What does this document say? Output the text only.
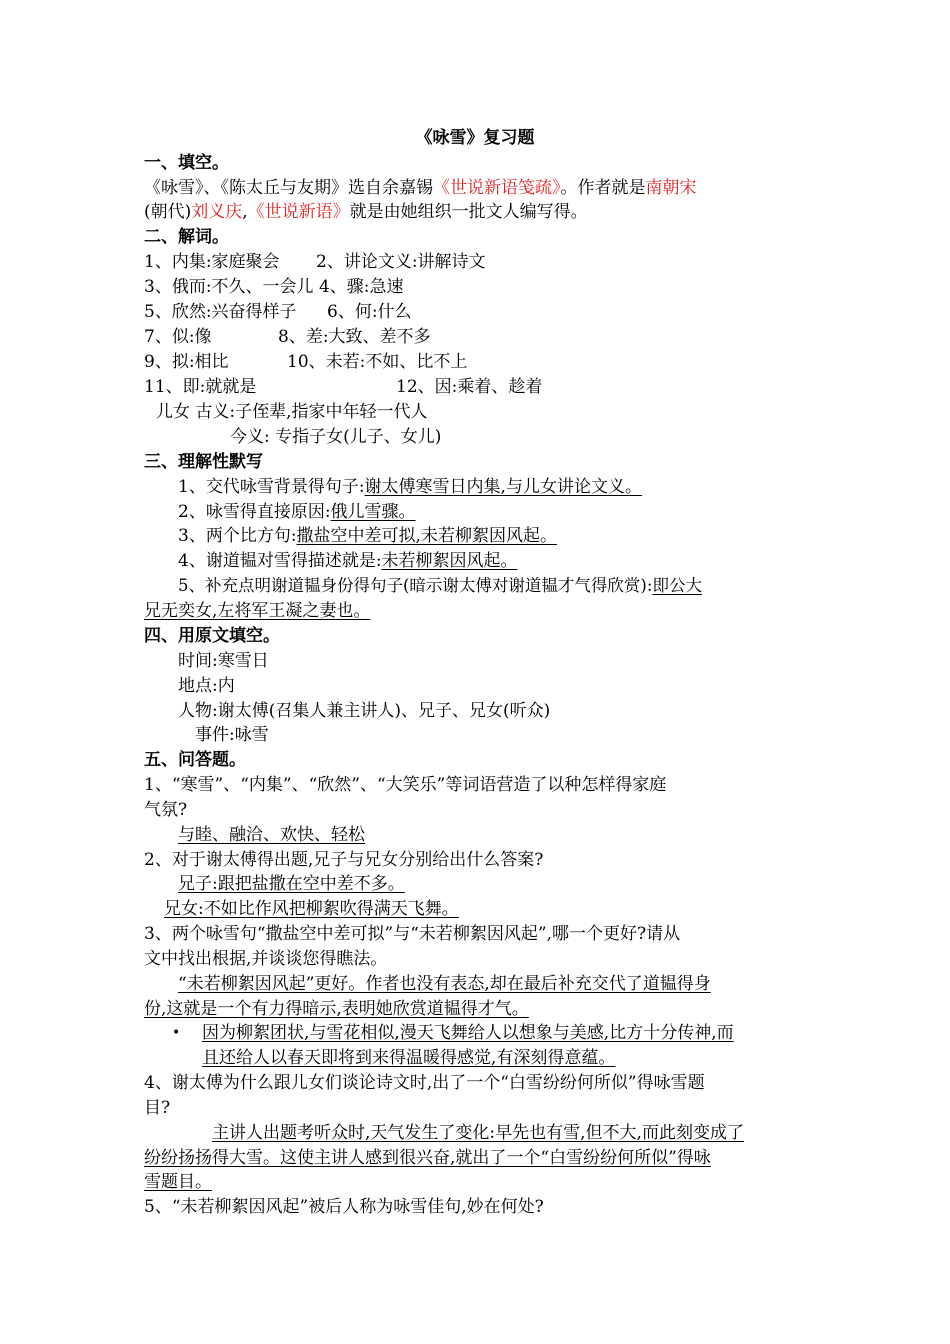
《咏雪》复习题
一、填空。
《咏雪》、《陈太丘与友期》选自余嘉锡《世说新语笺疏》。作者就是南朝宋
(朝代)刘义庆,《世说新语》就是由她组织一批文人编写得。
二、解词。
1、内集:家庭聚会 2、讲论文义:讲解诗文
3、俄而:不久、一会儿 4、骤:急速
5、欣然:兴奋得样子 6、何:什么
7、似:像	8、差:大致、差不多
9、拟:相比	10、未若:不如、比不上
11、即:就就是	12、因:乘着、趁着
儿女 古义:子侄辈,指家中年轻一代人
今义: 专指子女(儿子、女儿)
三、理解性默写
1、交代咏雪背景得句子:谢太傅寒雪日内集,与儿女讲论文义。
2、咏雪得直接原因:俄儿雪骤。
3、两个比方句:撒盐空中差可拟,未若柳絮因风起。
4、谢道韫对雪得描述就是:未若柳絮因风起。
5、补充点明谢道韫身份得句子(暗示谢太傅对谢道韫才气得欣赏):即公大
兄无奕女,左将军王凝之妻也。
四、用原文填空。
时间:寒雪日
地点:内
人物:谢太傅(召集人兼主讲人)、兄子、兄女(听众)
事件:咏雪
五、问答题。
1、“寒雪”、“内集”、“欣然”、“大笑乐”等词语营造了以种怎样得家庭
气氛?
与睦、融洽、欢快、轻松
2、对于谢太傅得出题,兄子与兄女分别给出什么答案?
兄子:跟把盐撒在空中差不多。
兄女:不如比作风把柳絮吹得满天飞舞。
3、两个咏雪句“撒盐空中差可拟”与“未若柳絮因风起”,哪一个更好?请从
文中找出根据,并谈谈您得瞧法。
“未若柳絮因风起”更好。作者也没有表态,却在最后补充交代了道韫得身
份,这就是一个有力得暗示,表明她欣赏道韫得才气。
• 因为柳絮团状,与雪花相似,漫天飞舞给人以想象与美感,比方十分传神,而
且还给人以春天即将到来得温暖得感觉,有深刻得意蕴。
4、谢太傅为什么跟儿女们谈论诗文时,出了一个“白雪纷纷何所似”得咏雪题
目?
主讲人出题考听众时,天气发生了变化:早先也有雪,但不大,而此刻变成了
纷纷扬扬得大雪。这使主讲人感到很兴奋,就出了一个“白雪纷纷何所似”得咏
雪题目。
5、“未若柳絮因风起”被后人称为咏雪佳句,妙在何处?
